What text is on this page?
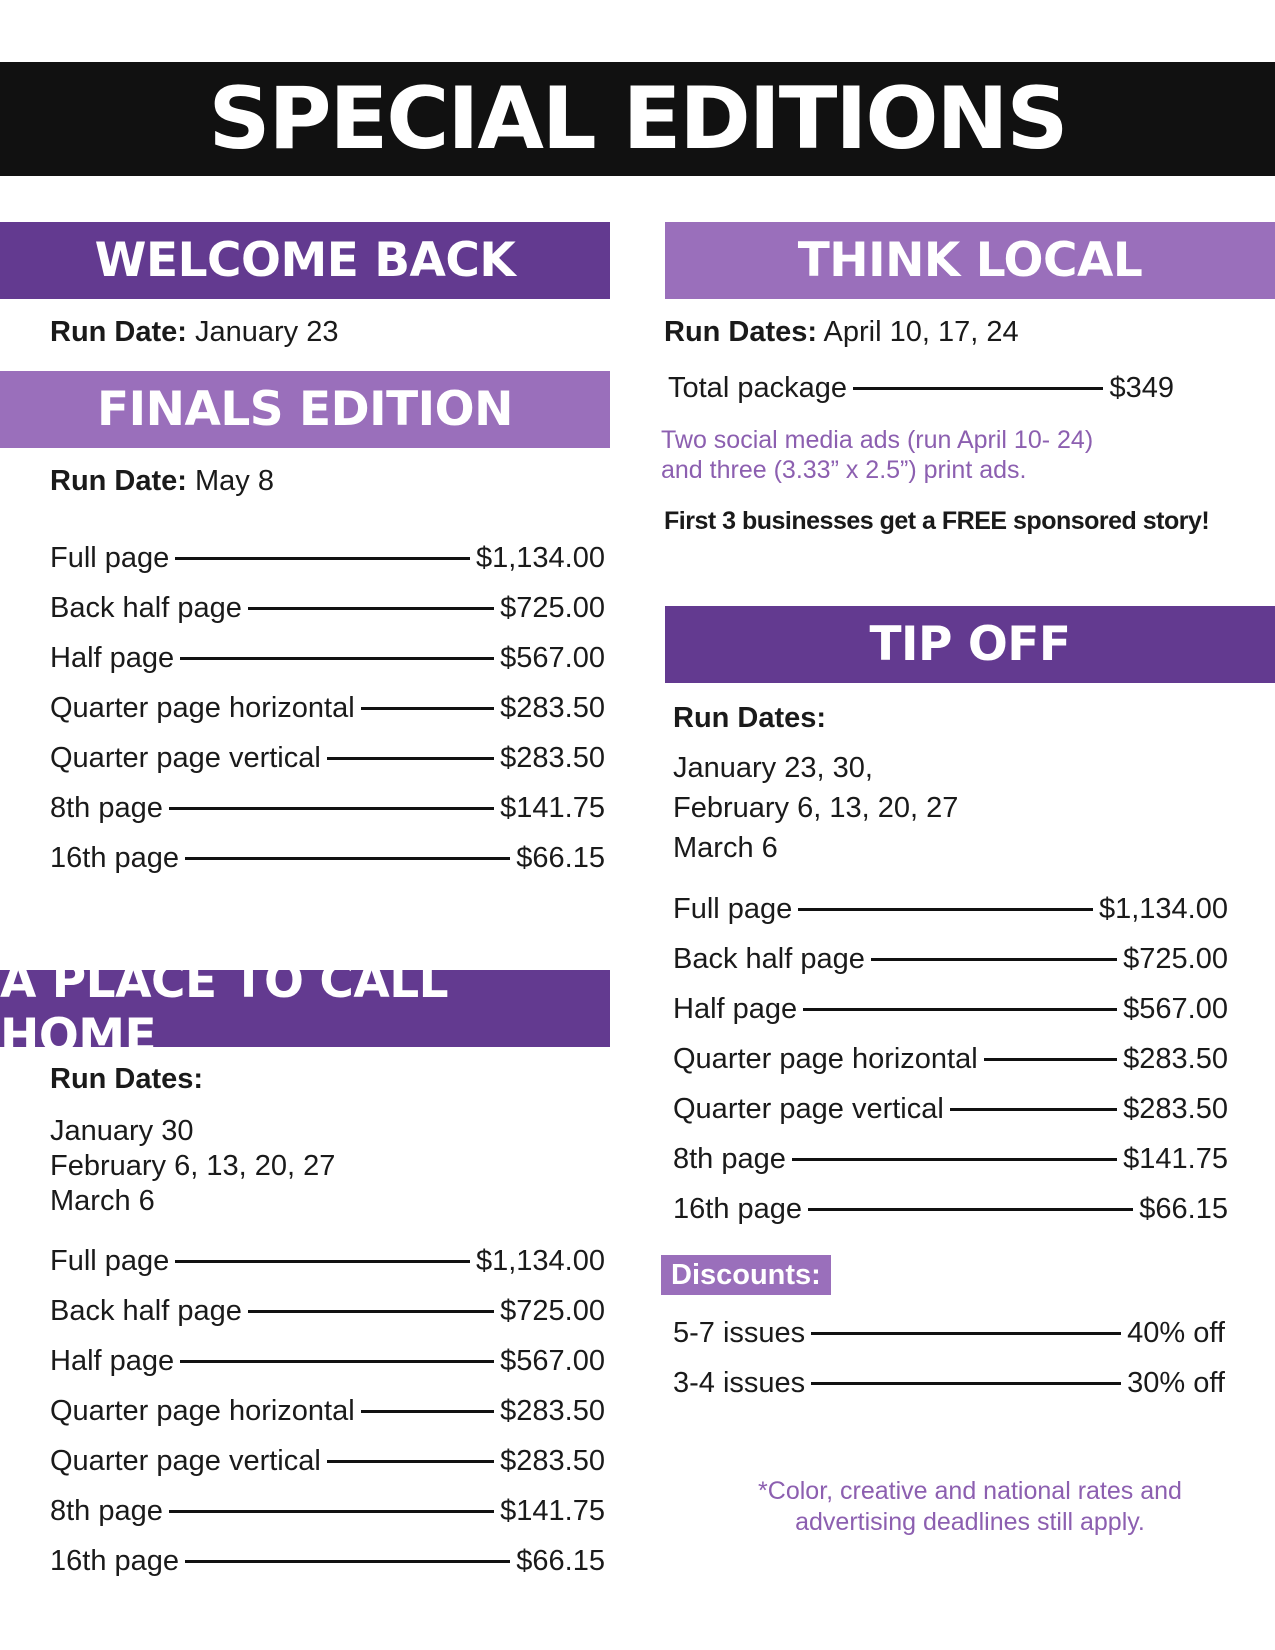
SPECIAL EDITIONS
WELCOME BACK
Run Date: January 23
FINALS EDITION
Run Date: May 8
Full page	$1,134.00
Back half page	$725.00
Half page	$567.00
Quarter page horizontal	$283.50
Quarter page vertical	$283.50
8th page	$141.75
16th page	$66.15
A PLACE TO CALL HOME
Run Dates:
January 30
February 6, 13, 20, 27
March 6
Full page	$1,134.00
Back half page	$725.00
Half page	$567.00
Quarter page horizontal	$283.50
Quarter page vertical	$283.50
8th page	$141.75
16th page	$66.15
THINK LOCAL
Run Dates: April 10, 17, 24
Total package	$349
Two social media ads (run April 10- 24)
and three (3.33” x 2.5”) print ads.
First 3 businesses get a FREE sponsored story!
TIP OFF
Run Dates:
January 23, 30,
February 6, 13, 20, 27
March 6
Full page	$1,134.00
Back half page	$725.00
Half page	$567.00
Quarter page horizontal	$283.50
Quarter page vertical	$283.50
8th page	$141.75
16th page	$66.15
Discounts:
5-7 issues	40% off
3-4 issues	30% off
*Color, creative and national rates and
advertising deadlines still apply.
